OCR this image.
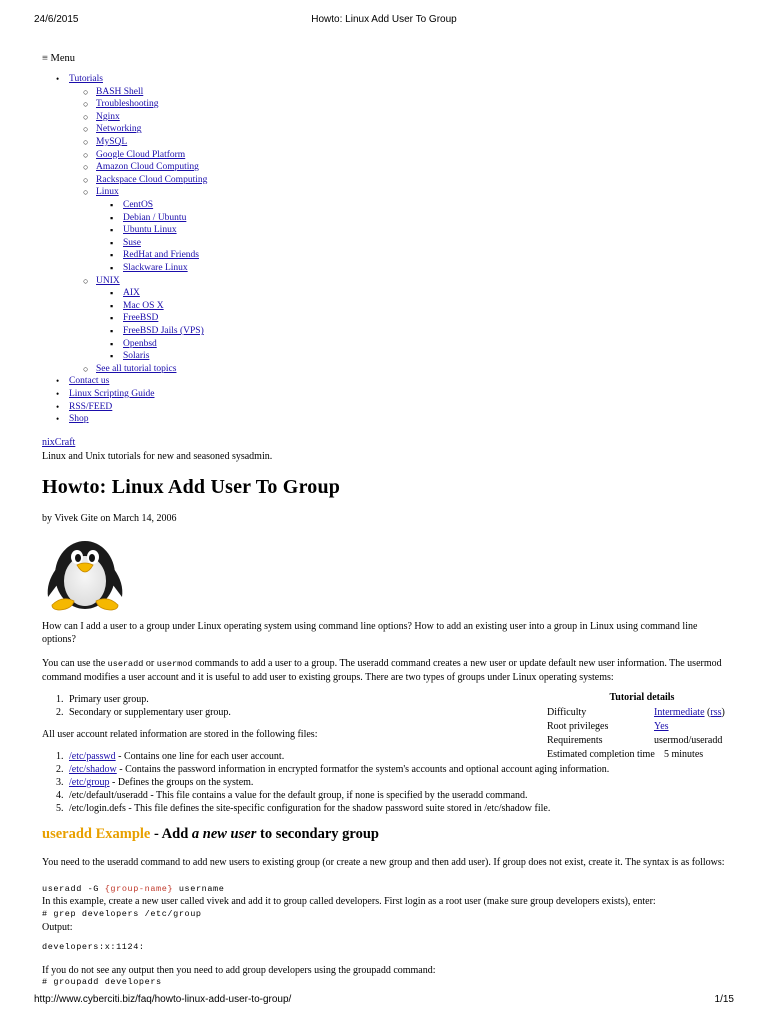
24/6/2015	Howto: Linux Add User To Group
≡ Menu
• Tutorials
○ BASH Shell
○ Troubleshooting
○ Nginx
○ Networking
○ MySQL
○ Google Cloud Platform
○ Amazon Cloud Computing
○ Rackspace Cloud Computing
○ Linux
▪ CentOS
▪ Debian / Ubuntu
▪ Ubuntu Linux
▪ Suse
▪ RedHat and Friends
▪ Slackware Linux
○ UNIX
▪ AIX
▪ Mac OS X
▪ FreeBSD
▪ FreeBSD Jails (VPS)
▪ Openbsd
▪ Solaris
○ See all tutorial topics
• Contact us
• Linux Scripting Guide
• RSS/FEED
• Shop
nixCraft
Linux and Unix tutorials for new and seasoned sysadmin.
Howto: Linux Add User To Group
by Vivek Gite on March 14, 2006
How can I add a user to a group under Linux operating system using command line options? How to add an existing user into a group in Linux using command line options?
You can use the useradd or usermod commands to add a user to a group. The useradd command creates a new user or update default new user information. The usermod command modifies a user account and it is useful to add user to existing groups. There are two types of groups under Linux operating systems:
1. Primary user group.
2. Secondary or supplementary user group.
Tutorial details
Difficulty	Intermediate (rss)
Root privileges	Yes
Requirements	usermod/useradd
Estimated completion time 5 minutes
All user account related information are stored in the following files:
1. /etc/passwd - Contains one line for each user account.
2. /etc/shadow - Contains the password information in encrypted formatfor the system's accounts and optional account aging information.
3. /etc/group - Defines the groups on the system.
4. /etc/default/useradd - This file contains a value for the default group, if none is specified by the useradd command.
5. /etc/login.defs - This file defines the site-specific configuration for the shadow password suite stored in /etc/shadow file.
useradd Example - Add a new user to secondary group
You need to the useradd command to add new users to existing group (or create a new group and then add user). If group does not exist, create it. The syntax is as follows:
useradd -G {group-name} username
In this example, create a new user called vivek and add it to group called developers. First login as a root user (make sure group developers exists), enter:
# grep developers /etc/group
Output:
developers:x:1124:
If you do not see any output then you need to add group developers using the groupadd command:
# groupadd developers
http://www.cyberciti.biz/faq/howto-linux-add-user-to-group/	1/15
